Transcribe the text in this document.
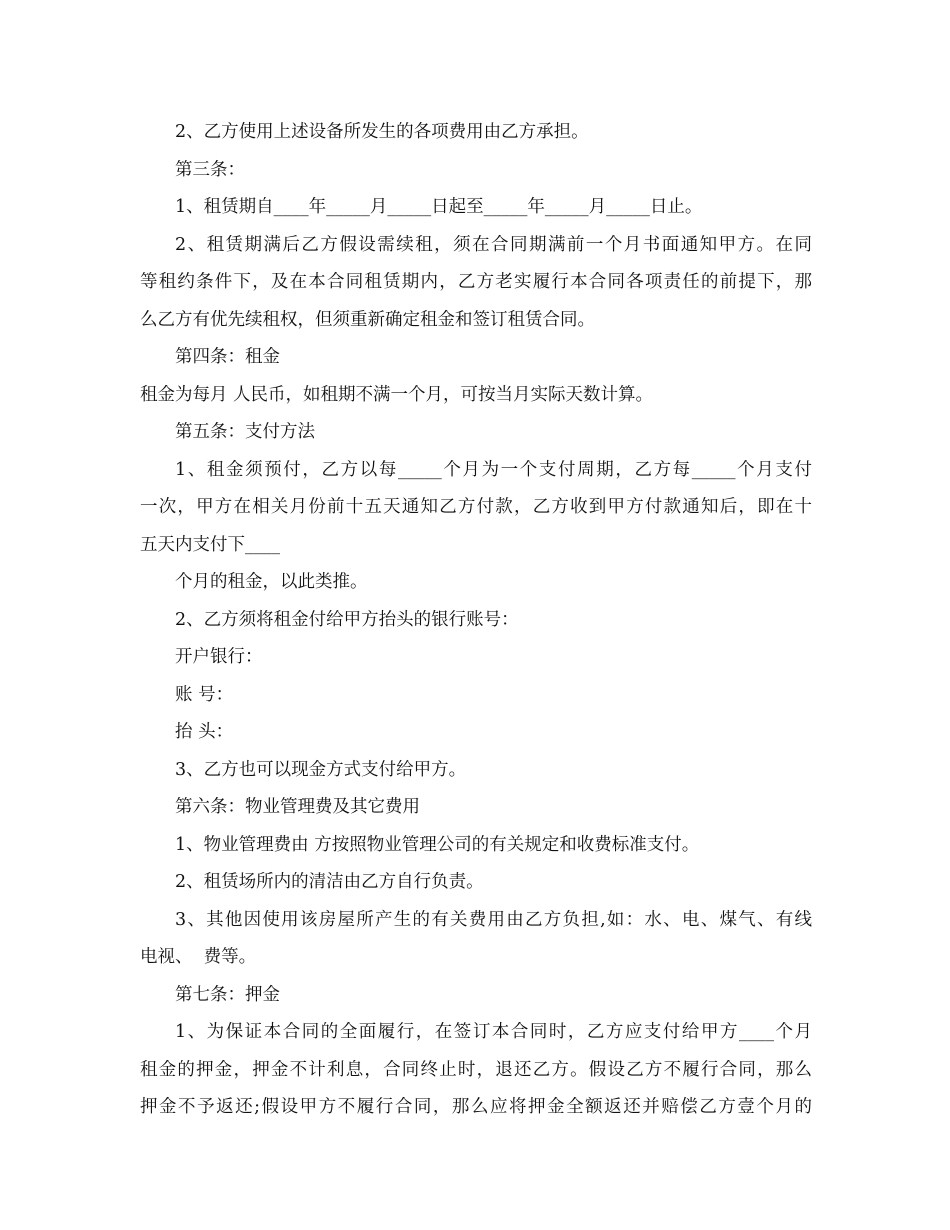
2、乙方使用上述设备所发生的各项费用由乙方承担。

第三条：

1、租赁期自____年_____月_____日起至_____年_____月_____日止。

2、租赁期满后乙方假设需续租，须在合同期满前一个月书面通知甲方。在同

等租约条件下，及在本合同租赁期内，乙方老实履行本合同各项责任的前提下，那

么乙方有优先续租权，但须重新确定租金和签订租赁合同。

第四条：租金

租金为每月 人民币，如租期不满一个月，可按当月实际天数计算。

第五条：支付方法

1、租金须预付，乙方以每_____个月为一个支付周期，乙方每_____个月支付

一次，甲方在相关月份前十五天通知乙方付款，乙方收到甲方付款通知后，即在十

五天内支付下____

个月的租金，以此类推。

2、乙方须将租金付给甲方抬头的银行账号：

开户银行：

账 号：

抬 头：

3、乙方也可以现金方式支付给甲方。

第六条：物业管理费及其它费用

1、物业管理费由 方按照物业管理公司的有关规定和收费标准支付。

2、租赁场所内的清洁由乙方自行负责。

3、其他因使用该房屋所产生的有关费用由乙方负担,如：水、电、煤气、有线

电视、  费等。

第七条：押金

1、为保证本合同的全面履行，在签订本合同时，乙方应支付给甲方____个月

租金的押金，押金不计利息，合同终止时，退还乙方。假设乙方不履行合同，那么

押金不予返还;假设甲方不履行合同，那么应将押金全额返还并赔偿乙方壹个月的
